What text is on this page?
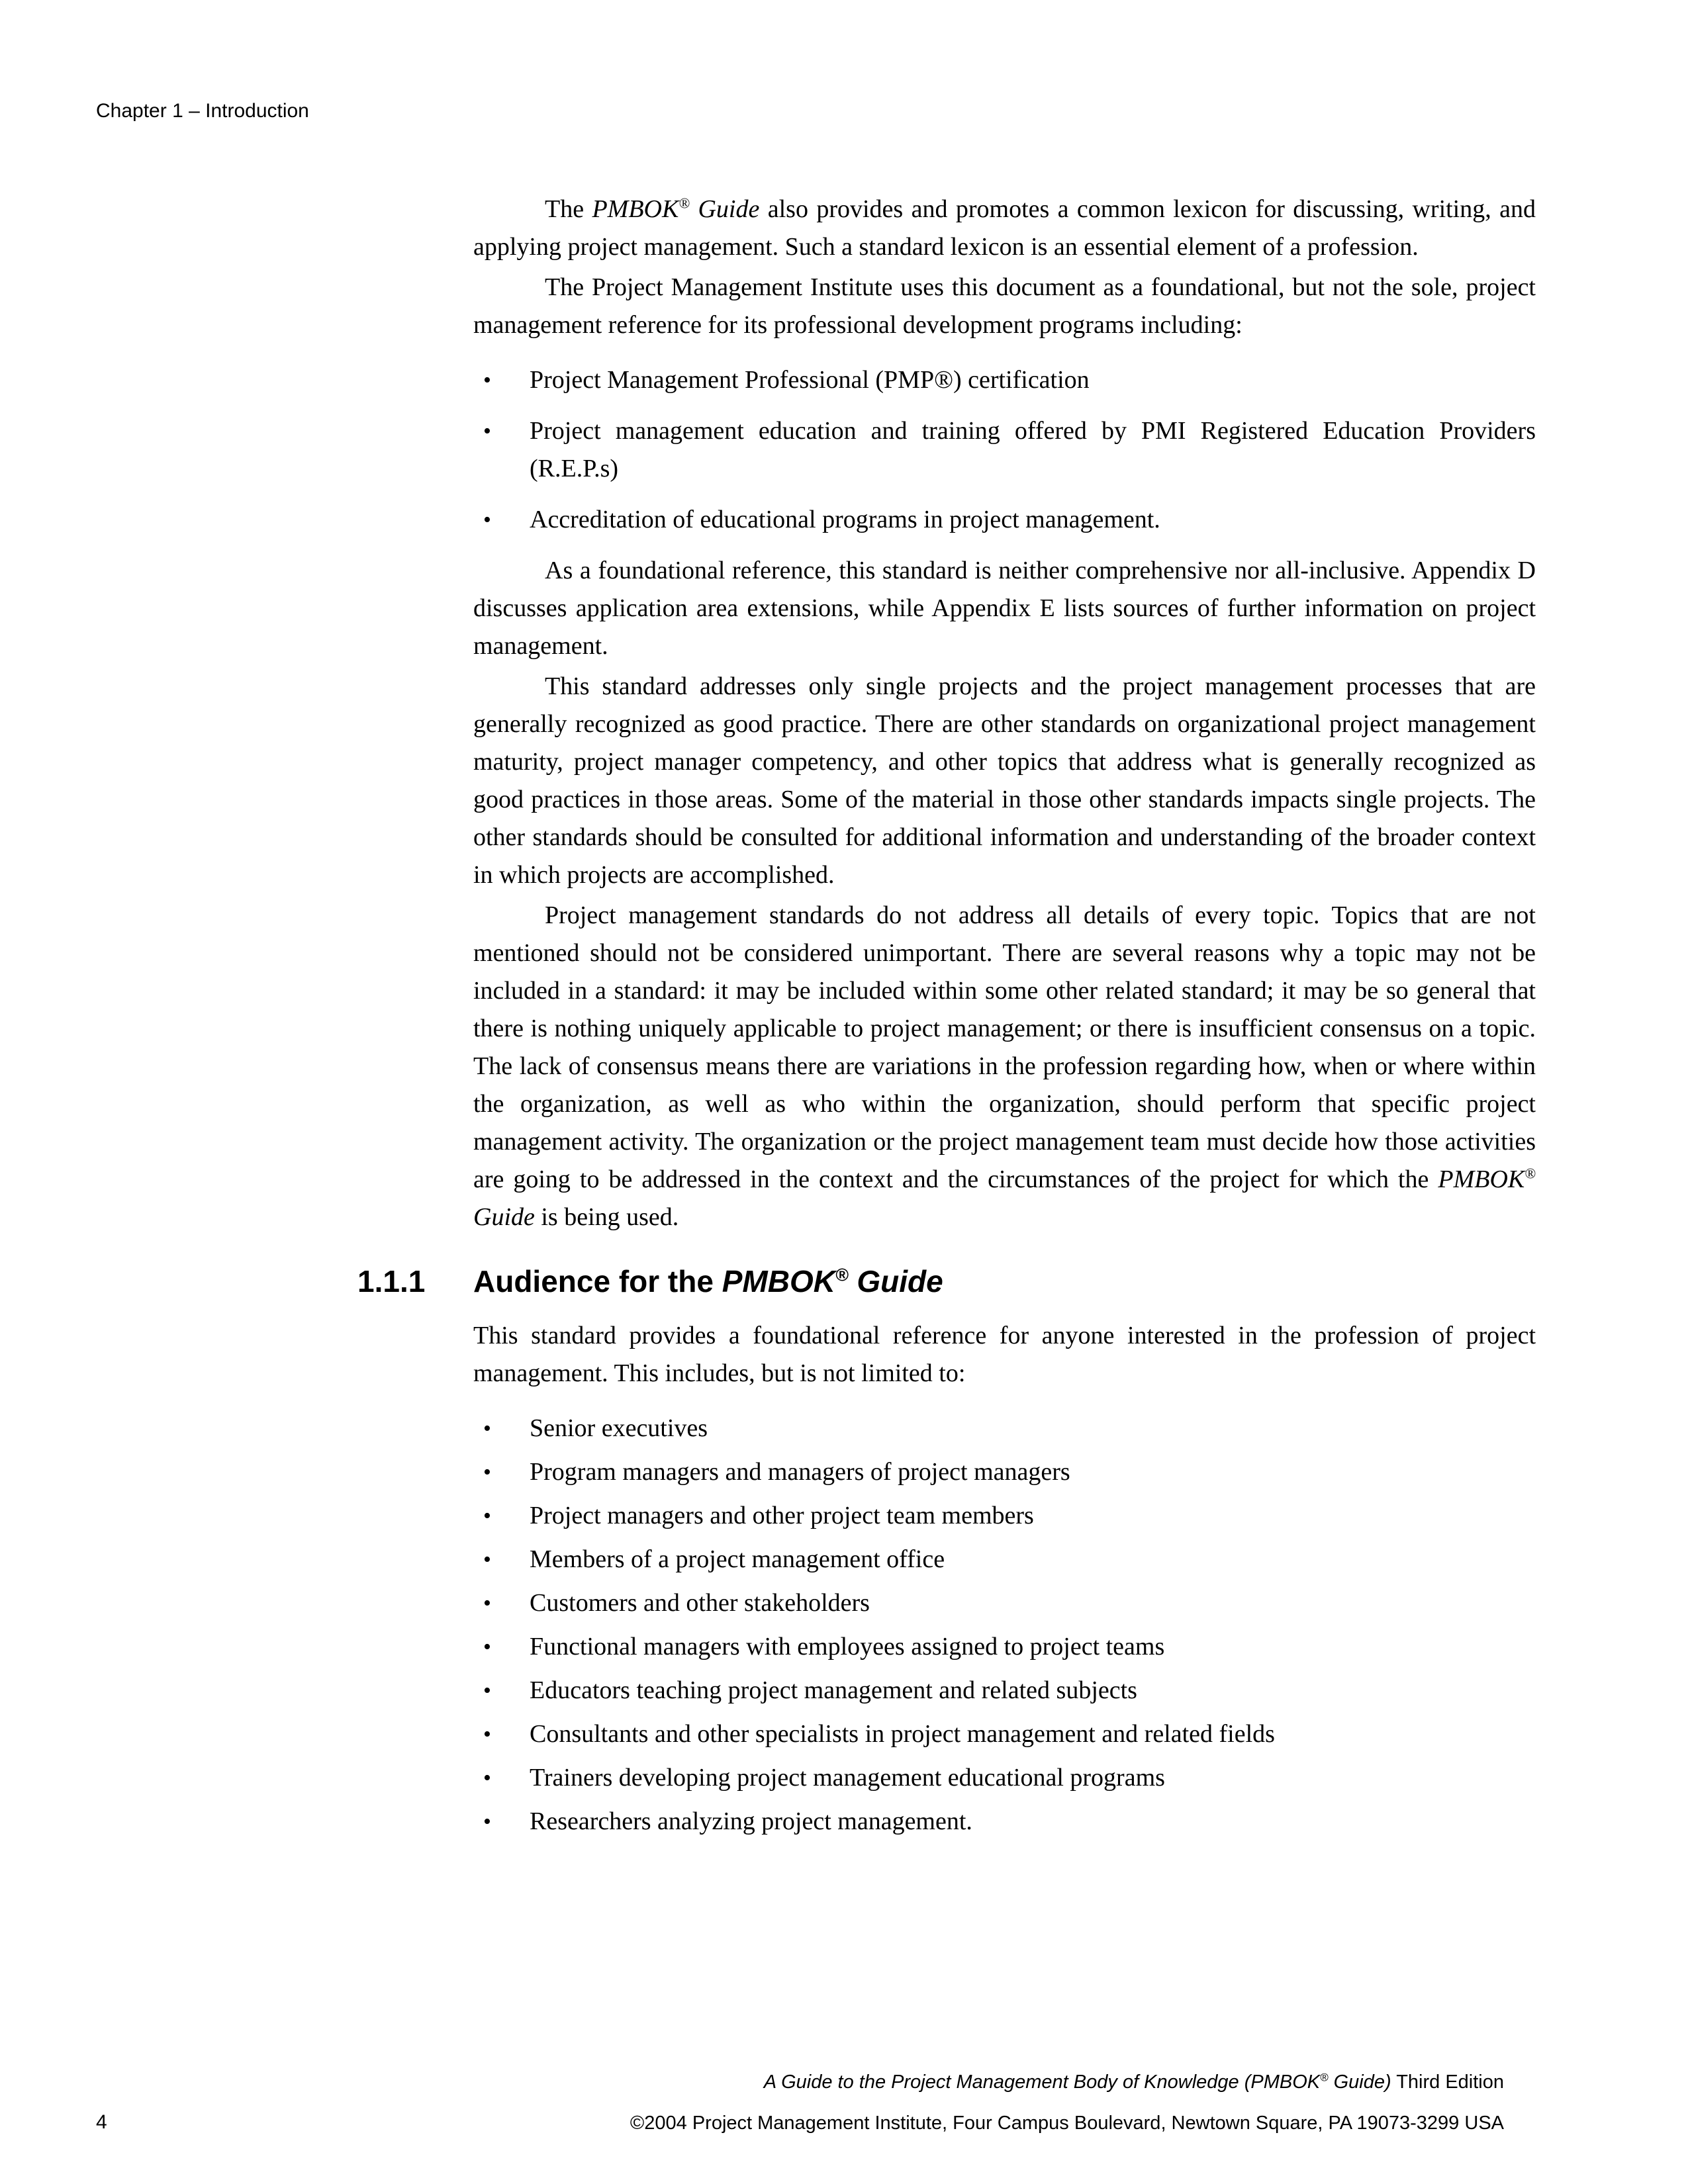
Chapter 1 – Introduction

The PMBOK® Guide also provides and promotes a common lexicon for discussing, writing, and applying project management. Such a standard lexicon is an essential element of a profession.

The Project Management Institute uses this document as a foundational, but not the sole, project management reference for its professional development programs including:

• Project Management Professional (PMP®) certification
• Project management education and training offered by PMI Registered Education Providers (R.E.P.s)
• Accreditation of educational programs in project management.

As a foundational reference, this standard is neither comprehensive nor all-inclusive. Appendix D discusses application area extensions, while Appendix E lists sources of further information on project management.

This standard addresses only single projects and the project management processes that are generally recognized as good practice. There are other standards on organizational project management maturity, project manager competency, and other topics that address what is generally recognized as good practices in those areas. Some of the material in those other standards impacts single projects. The other standards should be consulted for additional information and understanding of the broader context in which projects are accomplished.

Project management standards do not address all details of every topic. Topics that are not mentioned should not be considered unimportant. There are several reasons why a topic may not be included in a standard: it may be included within some other related standard; it may be so general that there is nothing uniquely applicable to project management; or there is insufficient consensus on a topic. The lack of consensus means there are variations in the profession regarding how, when or where within the organization, as well as who within the organization, should perform that specific project management activity. The organization or the project management team must decide how those activities are going to be addressed in the context and the circumstances of the project for which the PMBOK® Guide is being used.

1.1.1	Audience for the PMBOK® Guide

This standard provides a foundational reference for anyone interested in the profession of project management. This includes, but is not limited to:

• Senior executives
• Program managers and managers of project managers
• Project managers and other project team members
• Members of a project management office
• Customers and other stakeholders
• Functional managers with employees assigned to project teams
• Educators teaching project management and related subjects
• Consultants and other specialists in project management and related fields
• Trainers developing project management educational programs
• Researchers analyzing project management.
A Guide to the Project Management Body of Knowledge (PMBOK® Guide) Third Edition
©2004 Project Management Institute, Four Campus Boulevard, Newtown Square, PA 19073-3299 USA
4
